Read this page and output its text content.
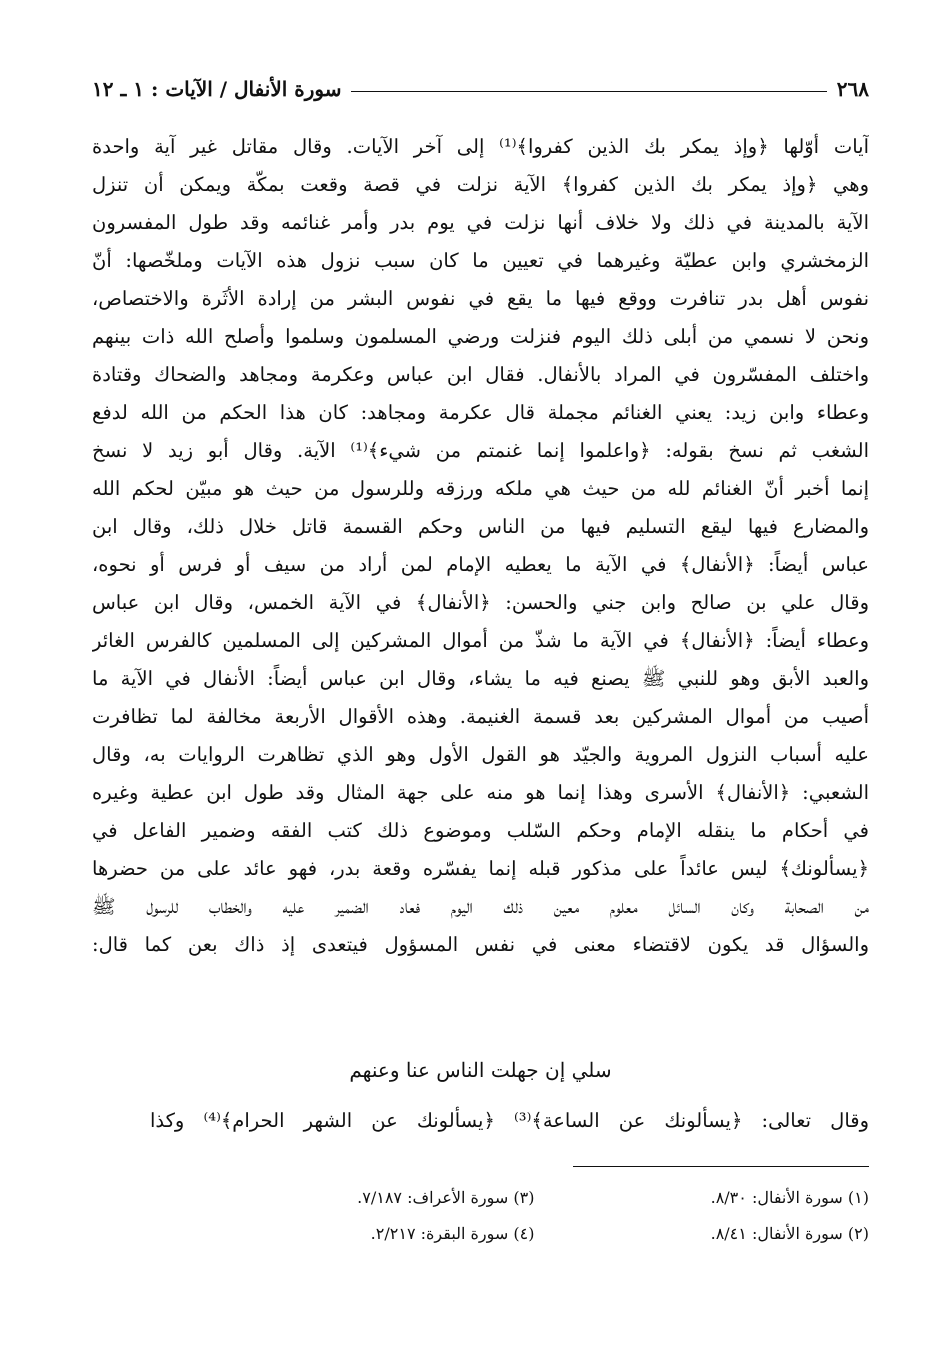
٢٦٨
سورة الأنفال / الآيات : ١ ـ ١٢
آيات أوّلها ﴿وإذ يمكر بك الذين كفروا﴾⁽¹⁾ إلى آخر الآيات. وقال مقاتل غير آية واحدة
وهي ﴿وإذ يمكر بك الذين كفروا﴾ الآية نزلت في قصة وقعت بمكّة ويمكن أن تنزل
الآية بالمدينة في ذلك ولا خلاف أنها نزلت في يوم بدر وأمر غنائمه وقد طول المفسرون
الزمخشري وابن عطيّة وغيرهما في تعيين ما كان سبب نزول هذه الآيات وملخّصها: أنّ
نفوس أهل بدر تنافرت ووقع فيها ما يقع في نفوس البشر من إرادة الأثَرة والاختصاص،
ونحن لا نسمي من أبلى ذلك اليوم فنزلت ورضي المسلمون وسلموا وأصلح الله ذات بينهم
واختلف المفسّرون في المراد بالأنفال. فقال ابن عباس وعكرمة ومجاهد والضحاك وقتادة
وعطاء وابن زيد: يعني الغنائم مجملة قال عكرمة ومجاهد: كان هذا الحكم من الله لدفع
الشغب ثم نسخ بقوله: ﴿واعلموا إنما غنمتم من شيء﴾⁽¹⁾ الآية. وقال أبو زيد لا نسخ
إنما أخبر أنّ الغنائم لله من حيث هي ملكه ورزقه وللرسول من حيث هو مبيّن لحكم الله
والمضارع فيها ليقع التسليم فيها من الناس وحكم القسمة قاتل خلال ذلك، وقال ابن
عباس أيضاً: ﴿الأنفال﴾ في الآية ما يعطيه الإمام لمن أراد من سيف أو فرس أو نحوه،
وقال علي بن صالح وابن جني والحسن: ﴿الأنفال﴾ في الآية الخمس، وقال ابن عباس
وعطاء أيضاً: ﴿الأنفال﴾ في الآية ما شذّ من أموال المشركين إلى المسلمين كالفرس الغائر
والعبد الأبق وهو للنبي ﷺ يصنع فيه ما يشاء، وقال ابن عباس أيضاً: الأنفال في الآية ما
أصيب من أموال المشركين بعد قسمة الغنيمة. وهذه الأقوال الأربعة مخالفة لما تظافرت
عليه أسباب النزول المروية والجيّد هو القول الأول وهو الذي تظاهرت الروايات به، وقال
الشعبي: ﴿الأنفال﴾ الأسرى وهذا إنما هو منه على جهة المثال وقد طول ابن عطية وغيره
في أحكام ما ينقله الإمام وحكم السّلب وموضوع ذلك كتب الفقه وضمير الفاعل في
﴿يسألونك﴾ ليس عائداً على مذكور قبله إنما يفسّره وقعة بدر، فهو عائد على من حضرها
من الصحابة وكان السائل معلوم معين ذلك اليوم فعاد الضمير عليه والخطاب للرسول ﷺ
والسؤال قد يكون لاقتضاء معنى في نفس المسؤول فيتعدى إذ ذاك بعن كما قال:
سلي إن جهلت الناس عنا وعنهم
وقال تعالى: ﴿يسألونك عن الساعة﴾⁽³⁾ ﴿يسألونك عن الشهر الحرام﴾⁽⁴⁾ وكذا
(١) سورة الأنفال: ٨/٣٠.
(٣) سورة الأعراف: ٧/١٨٧.
(٢) سورة الأنفال: ٨/٤١.
(٤) سورة البقرة: ٢/٢١٧.
